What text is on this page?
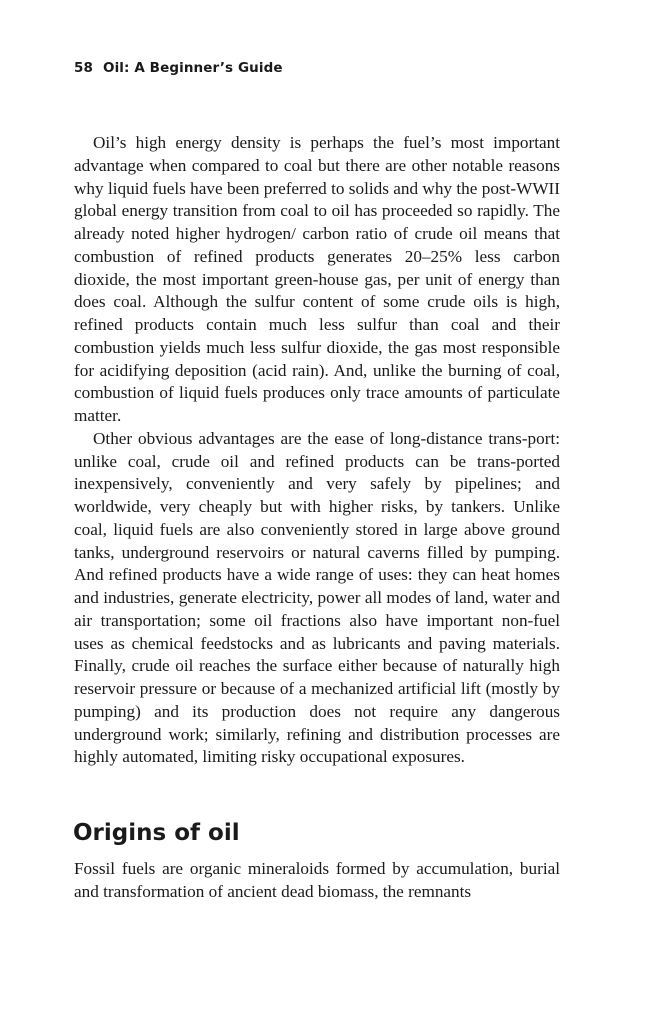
58 Oil: A Beginner’s Guide

Oil’s high energy density is perhaps the fuel’s most important advantage when compared to coal but there are other notable reasons why liquid fuels have been preferred to solids and why the post-WWII global energy transition from coal to oil has proceeded so rapidly. The already noted higher hydrogen/ carbon ratio of crude oil means that combustion of refined products generates 20–25% less carbon dioxide, the most important green-house gas, per unit of energy than does coal. Although the sulfur content of some crude oils is high, refined products contain much less sulfur than coal and their combustion yields much less sulfur dioxide, the gas most responsible for acidifying deposition (acid rain). And, unlike the burning of coal, combustion of liquid fuels produces only trace amounts of particulate matter.

Other obvious advantages are the ease of long-distance trans-port: unlike coal, crude oil and refined products can be trans-ported inexpensively, conveniently and very safely by pipelines; and worldwide, very cheaply but with higher risks, by tankers. Unlike coal, liquid fuels are also conveniently stored in large above ground tanks, underground reservoirs or natural caverns filled by pumping. And refined products have a wide range of uses: they can heat homes and industries, generate electricity, power all modes of land, water and air transportation; some oil fractions also have important non-fuel uses as chemical feedstocks and as lubricants and paving materials. Finally, crude oil reaches the surface either because of naturally high reservoir pressure or because of a mechanized artificial lift (mostly by pumping) and its production does not require any dangerous underground work; similarly, refining and distribution processes are highly automated, limiting risky occupational exposures.

Origins of oil

Fossil fuels are organic mineraloids formed by accumulation, burial and transformation of ancient dead biomass, the remnants
